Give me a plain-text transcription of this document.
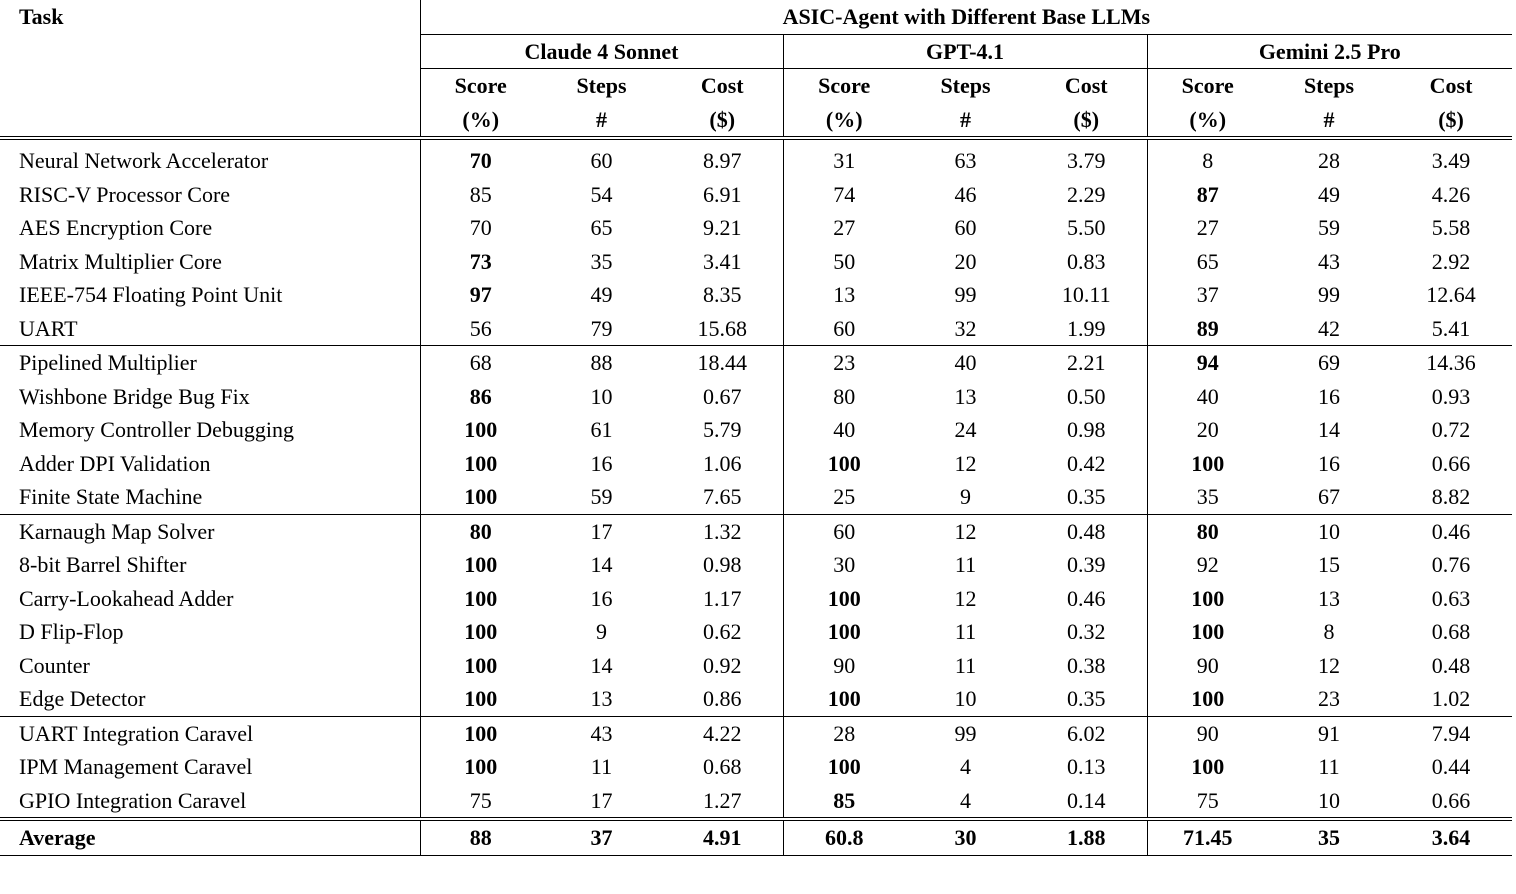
Task	ASIC-Agent with Different Base LLMs								
	Claude 4 Sonnet			GPT-4.1			Gemini 2.5 Pro		
	Score	Steps	Cost	Score	Steps	Cost	Score	Steps	Cost
	(%)	#	($)	(%)	#	($)	(%)	#	($)
Neural Network Accelerator	70	60	8.97	31	63	3.79	8	28	3.49
RISC-V Processor Core	85	54	6.91	74	46	2.29	87	49	4.26
AES Encryption Core	70	65	9.21	27	60	5.50	27	59	5.58
Matrix Multiplier Core	73	35	3.41	50	20	0.83	65	43	2.92
IEEE-754 Floating Point Unit	97	49	8.35	13	99	10.11	37	99	12.64
UART	56	79	15.68	60	32	1.99	89	42	5.41
Pipelined Multiplier	68	88	18.44	23	40	2.21	94	69	14.36
Wishbone Bridge Bug Fix	86	10	0.67	80	13	0.50	40	16	0.93
Memory Controller Debugging	100	61	5.79	40	24	0.98	20	14	0.72
Adder DPI Validation	100	16	1.06	100	12	0.42	100	16	0.66
Finite State Machine	100	59	7.65	25	9	0.35	35	67	8.82
Karnaugh Map Solver	80	17	1.32	60	12	0.48	80	10	0.46
8-bit Barrel Shifter	100	14	0.98	30	11	0.39	92	15	0.76
Carry-Lookahead Adder	100	16	1.17	100	12	0.46	100	13	0.63
D Flip-Flop	100	9	0.62	100	11	0.32	100	8	0.68
Counter	100	14	0.92	90	11	0.38	90	12	0.48
Edge Detector	100	13	0.86	100	10	0.35	100	23	1.02
UART Integration Caravel	100	43	4.22	28	99	6.02	90	91	7.94
IPM Management Caravel	100	11	0.68	100	4	0.13	100	11	0.44
GPIO Integration Caravel	75	17	1.27	85	4	0.14	75	10	0.66
Average	88	37	4.91	60.8	30	1.88	71.45	35	3.64
